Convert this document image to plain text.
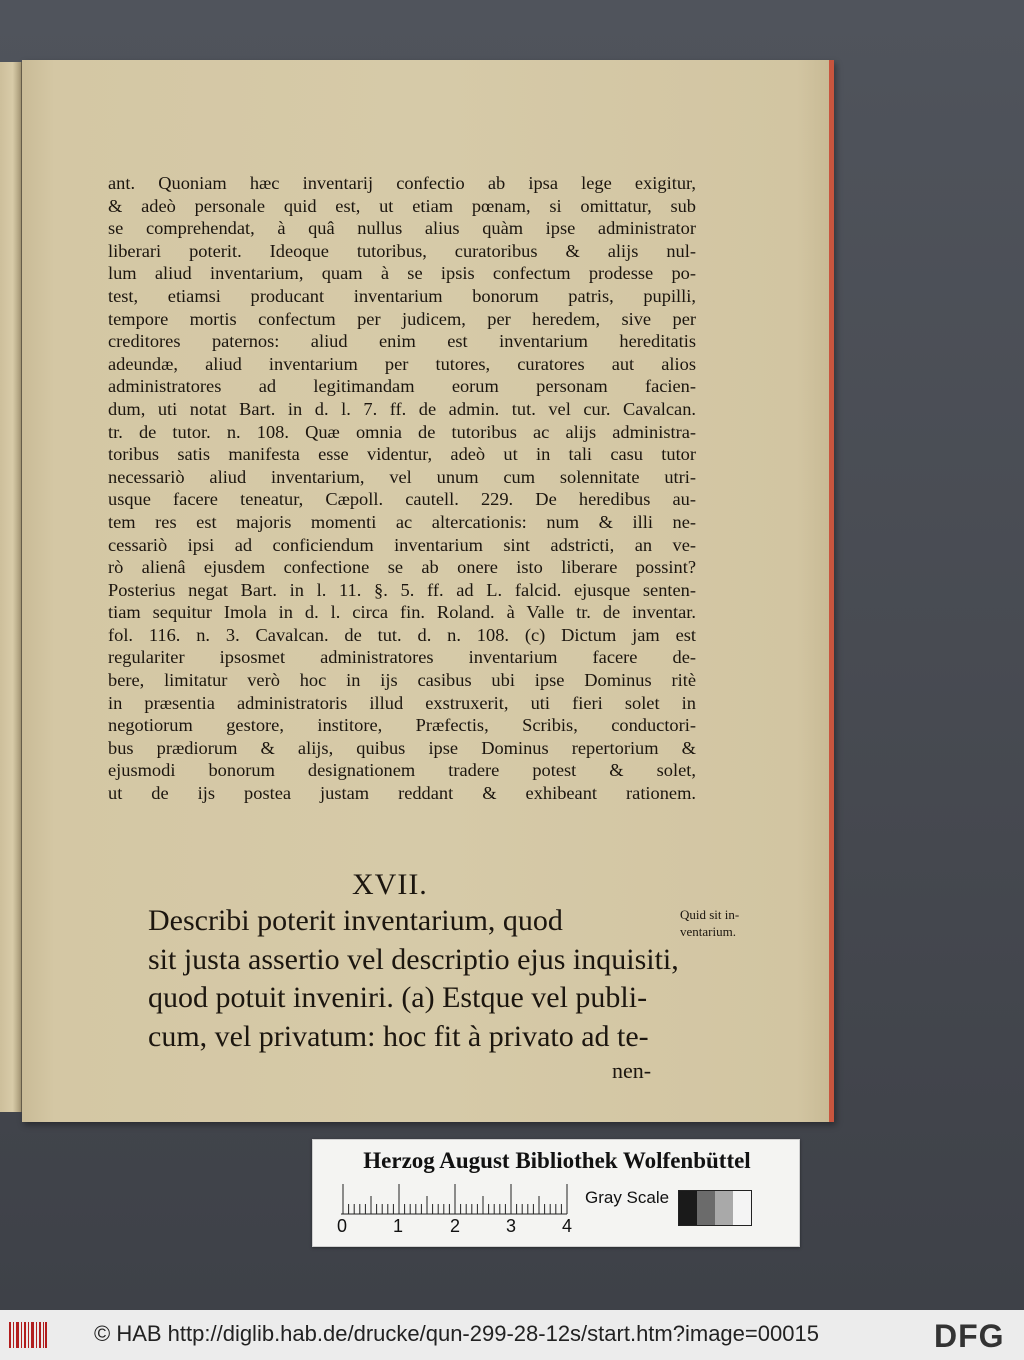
ant. Quoniam hæc inventarij confectio ab ipsa lege exigitur,
& adeò personale quid est, ut etiam pœnam, si omittatur, sub
se comprehendat, à quâ nullus alius quàm ipse administrator
liberari poterit. Ideoque tutoribus, curatoribus & alijs nul-
lum aliud inventarium, quam à se ipsis confectum prodesse po-
test, etiamsi producant inventarium bonorum patris, pupilli,
tempore mortis confectum per judicem, per heredem, sive per
creditores paternos: aliud enim est inventarium hereditatis
adeundæ, aliud inventarium per tutores, curatores aut alios
administratores ad legitimandam eorum personam facien-
dum, uti notat Bart. in d. l. 7. ff. de admin. tut. vel cur. Cavalcan.
tr. de tutor. n. 108. Quæ omnia de tutoribus ac alijs administra-
toribus satis manifesta esse videntur, adeò ut in tali casu tutor
necessariò aliud inventarium, vel unum cum solennitate utri-
usque facere teneatur, Cæpoll. cautell. 229. De heredibus au-
tem res est majoris momenti ac altercationis: num & illi ne-
cessariò ipsi ad conficiendum inventarium sint adstricti, an ve-
rò alienâ ejusdem confectione se ab onere isto liberare possint?
Posterius negat Bart. in l. 11. §. 5. ff. ad L. falcid. ejusque senten-
tiam sequitur Imola in d. l. circa fin. Roland. à Valle tr. de inventar.
fol. 116. n. 3. Cavalcan. de tut. d. n. 108. (c) Dictum jam est
regulariter ipsosmet administratores inventarium facere de-
bere, limitatur verò hoc in ijs casibus ubi ipse Dominus ritè
in præsentia administratoris illud exstruxerit, uti fieri solet in
negotiorum gestore, institore, Præfectis, Scribis, conductori-
bus prædiorum & alijs, quibus ipse Dominus repertorium &
ejusmodi bonorum designationem tradere potest & solet,
ut de ijs postea justam reddant & exhibeant rationem.
XVII.
Describi poterit inventarium, quod
sit justa assertio vel descriptio ejus inquisiti,
quod potuit inveniri. (a) Estque vel publi-
cum, vel privatum: hoc fit à privato ad te-
nen-
Quid sit in-
ventarium.
Herzog August Bibliothek Wolfenbüttel
0	1	2	3	4
Gray Scale
© HAB http://diglib.hab.de/drucke/qun-299-28-12s/start.htm?image=00015	DFG
